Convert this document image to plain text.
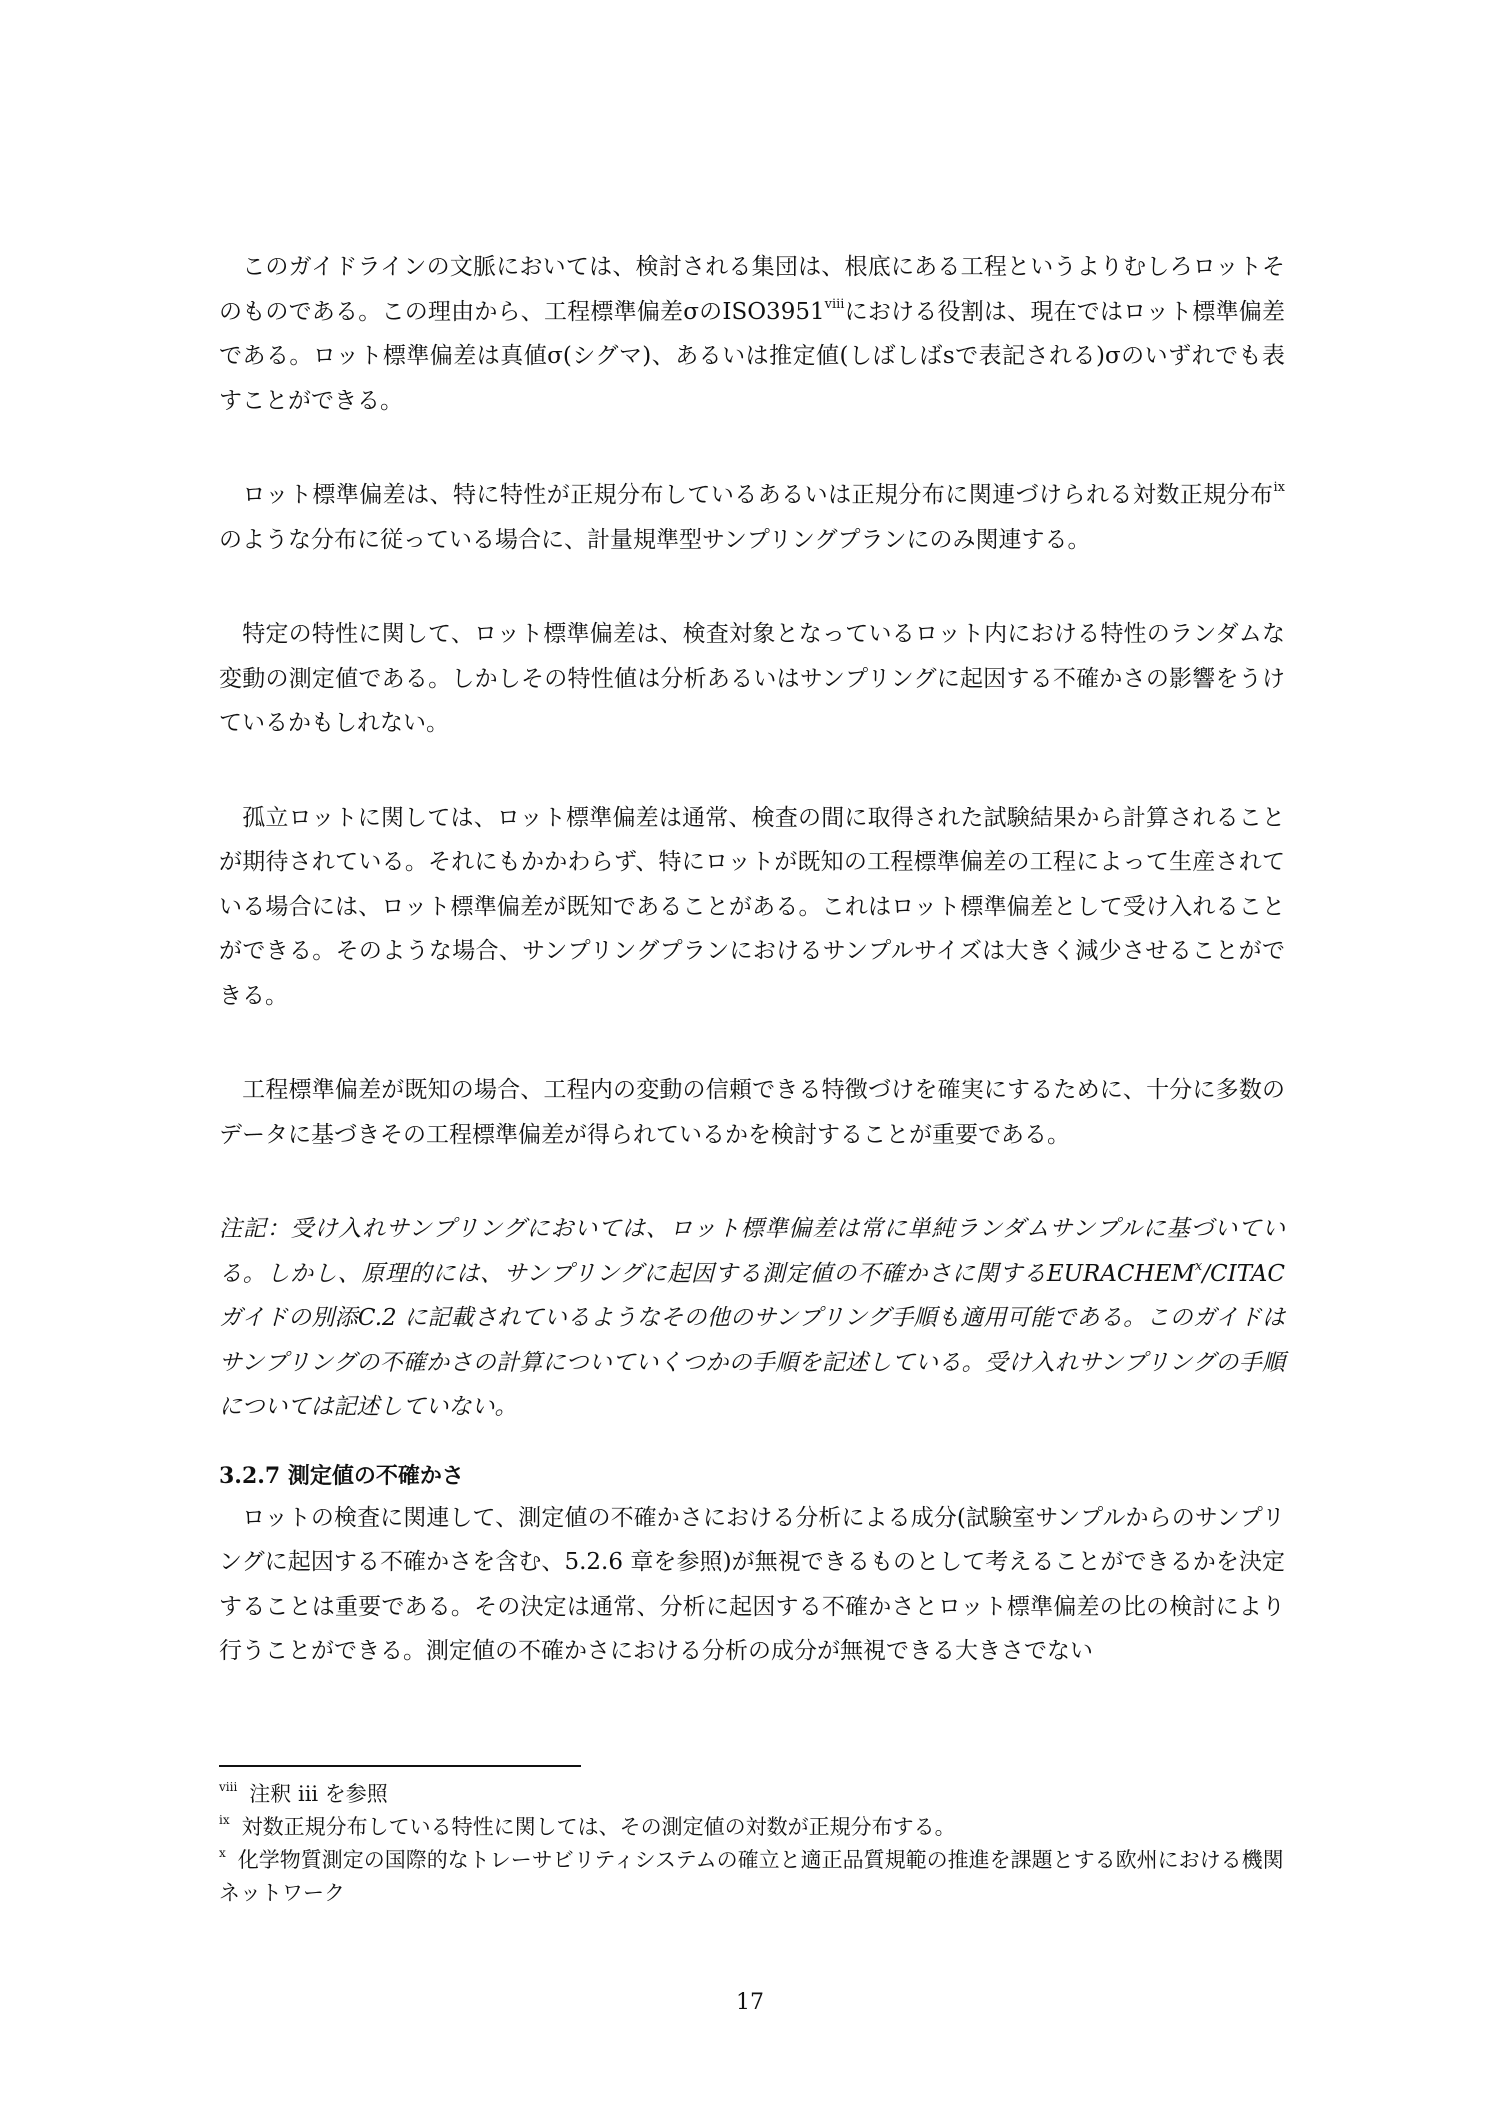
　このガイドラインの文脈においては、検討される集団は、根底にある工程というよりむしろロットそのものである。この理由から、工程標準偏差σのISO3951$^{viii}$における役割は、現在ではロット標準偏差である。ロット標準偏差は真値σ(シグマ)、あるいは推定値(しばしばsで表記される)σのいずれでも表すことができる。

　ロット標準偏差は、特に特性が正規分布しているあるいは正規分布に関連づけられる対数正規分布$^{ix}$のような分布に従っている場合に、計量規準型サンプリングプランにのみ関連する。

　特定の特性に関して、ロット標準偏差は、検査対象となっているロット内における特性のランダムな変動の測定値である。しかしその特性値は分析あるいはサンプリングに起因する不確かさの影響をうけているかもしれない。

　孤立ロットに関しては、ロット標準偏差は通常、検査の間に取得された試験結果から計算されることが期待されている。それにもかかわらず、特にロットが既知の工程標準偏差の工程によって生産されている場合には、ロット標準偏差が既知であることがある。これはロット標準偏差として受け入れることができる。そのような場合、サンプリングプランにおけるサンプルサイズは大きく減少させることができる。

　工程標準偏差が既知の場合、工程内の変動の信頼できる特徴づけを確実にするために、十分に多数のデータに基づきその工程標準偏差が得られているかを検討することが重要である。

注記：受け入れサンプリングにおいては、ロット標準偏差は常に単純ランダムサンプルに基づいている。しかし、原理的には、サンプリングに起因する測定値の不確かさに関するEURACHEM$^x$/CITAC ガイドの別添C.2 に記載されているようなその他のサンプリング手順も適用可能である。このガイドはサンプリングの不確かさの計算についていくつかの手順を記述している。受け入れサンプリングの手順については記述していない。

3.2.7 測定値の不確かさ

　ロットの検査に関連して、測定値の不確かさにおける分析による成分(試験室サンプルからのサンプリングに起因する不確かさを含む、5.2.6 章を参照)が無視できるものとして考えることができるかを決定することは重要である。その決定は通常、分析に起因する不確かさとロット標準偏差の比の検討により行うことができる。測定値の不確かさにおける分析の成分が無視できる大きさでない

$^{viii}$ 注釈 iii を参照

$^{ix}$ 対数正規分布している特性に関しては、その測定値の対数が正規分布する。

$^x$ 化学物質測定の国際的なトレーサビリティシステムの確立と適正品質規範の推進を課題とする欧州における機関ネットワーク

17
